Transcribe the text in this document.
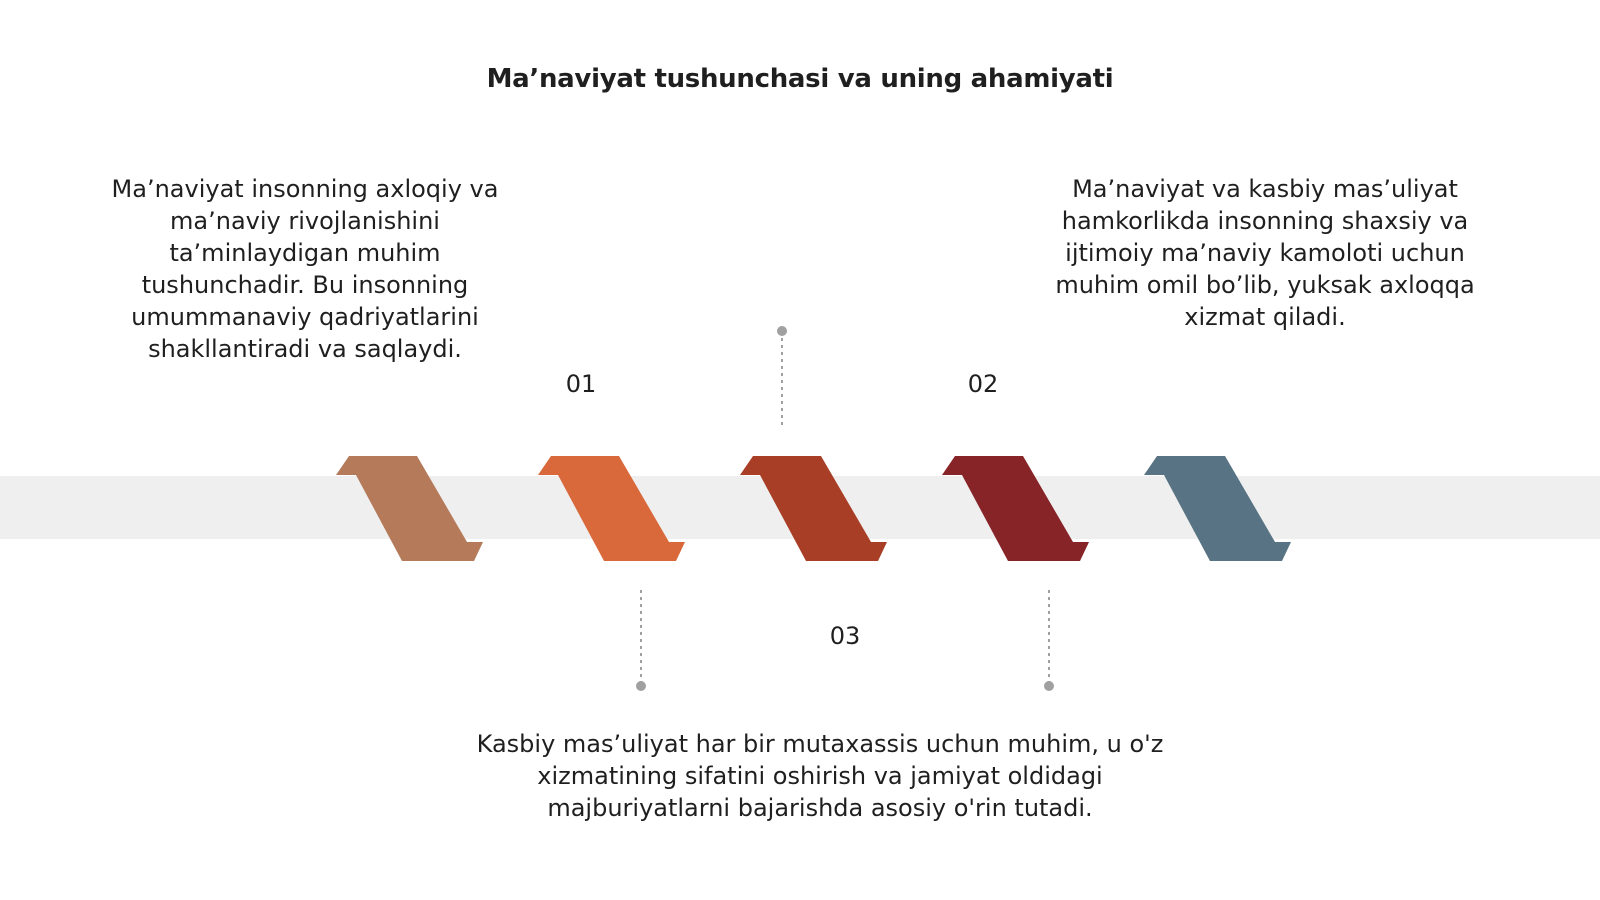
Ma’naviyat tushunchasi va uning ahamiyati
01	02
03
Ma’naviyat insonning axloqiy va ma’naviy rivojlanishini ta’minlaydigan muhim tushunchadir. Bu insonning umummanaviy qadriyatlarini shakllantiradi va saqlaydi.
Ma’naviyat va kasbiy mas’uliyat hamkorlikda insonning shaxsiy va ijtimoiy ma’naviy kamoloti uchun muhim omil bo’lib, yuksak axloqqa xizmat qiladi.
Kasbiy mas’uliyat har bir mutaxassis uchun muhim, u o'z xizmatining sifatini oshirish va jamiyat oldidagi majburiyatlarni bajarishda asosiy o'rin tutadi.
